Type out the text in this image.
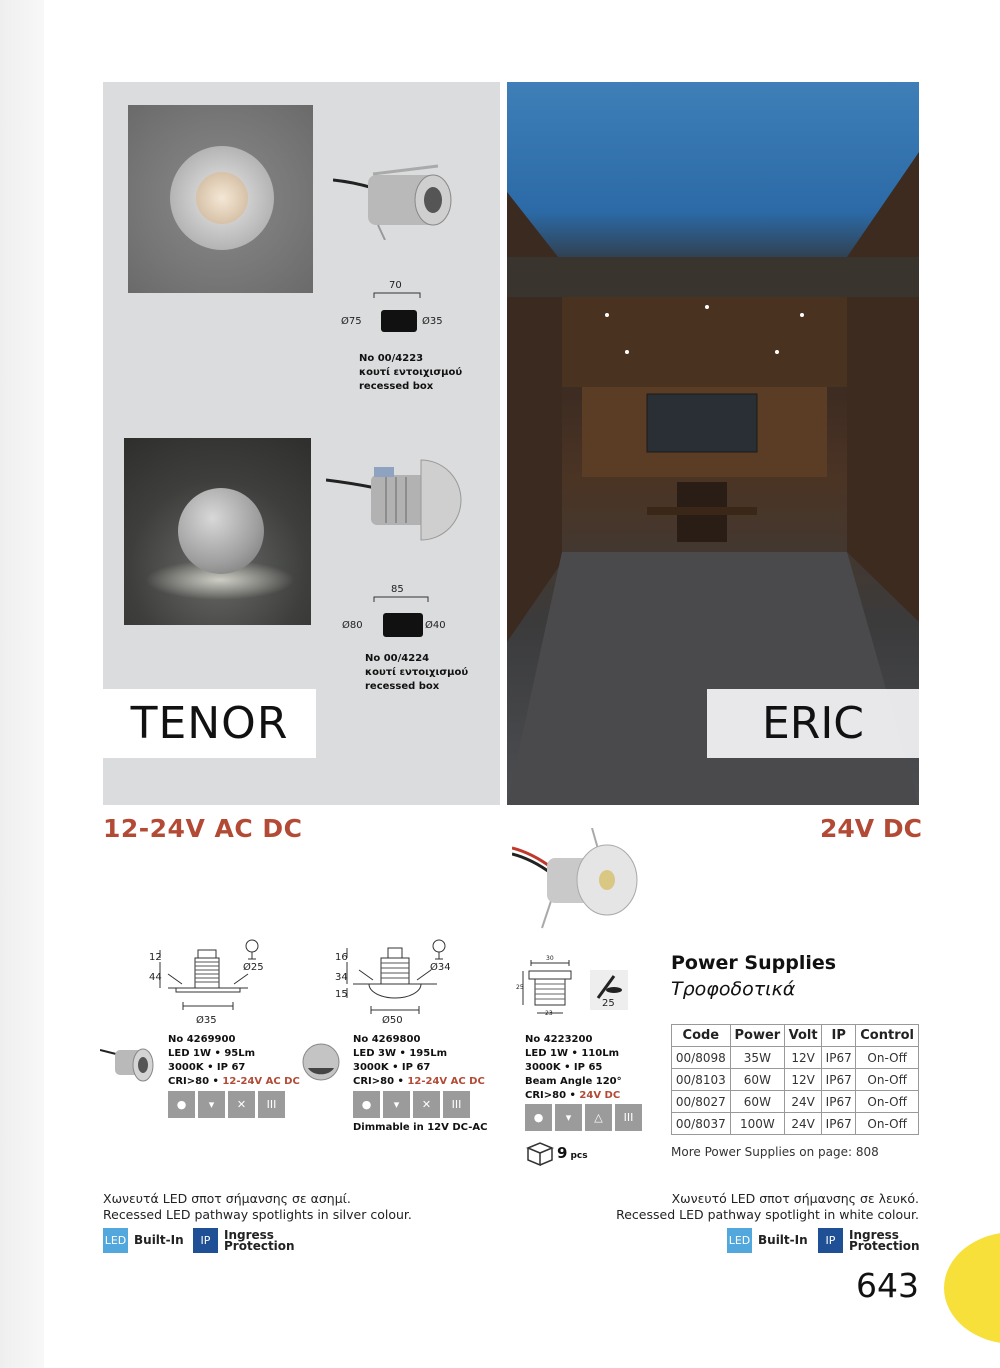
70
Ø75	Ø35
No 00/4223
κουτί εντοιχισμού
recessed box
85
Ø80	Ø40
No 00/4224
κουτί εντοιχισμού
recessed box
TENOR	ERIC
12-24V AC DC	24V DC
12
44
Ø25
Ø35
No 4269900
LED 1W • 95Lm
3000K • IP 67
CRI>80 • 12-24V AC DC
●	▾	✕	III
16
34
15
Ø34
Ø50
No 4269800
LED 3W • 195Lm
3000K • IP 67
CRI>80 • 12-24V AC DC
●	▾	✕	III
Dimmable in 12V DC-AC
30
25
23
25
No 4223200
LED 1W • 110Lm
3000K • IP 65
Beam Angle 120°
CRI>80 • 24V DC
●	▾	△	III
9 pcs
Power Supplies
Τροφοδοτικά
Code	Power	Volt	IP	Control
00/8098	35W	12V	IP67	On-Off
00/8103	60W	12V	IP67	On-Off
00/8027	60W	24V	IP67	On-Off
00/8037	100W	24V	IP67	On-Off
More Power Supplies on page: 808
Χωνευτά LED σποτ σήμανσης σε ασημί.
Recessed LED pathway spotlights in silver colour.
Χωνευτό LED σποτ σήμανσης σε λευκό.
Recessed LED pathway spotlight in white colour.
LED Built-In	IP	Ingress
Protection	LED Built-In	IP	Ingress
Protection
643
